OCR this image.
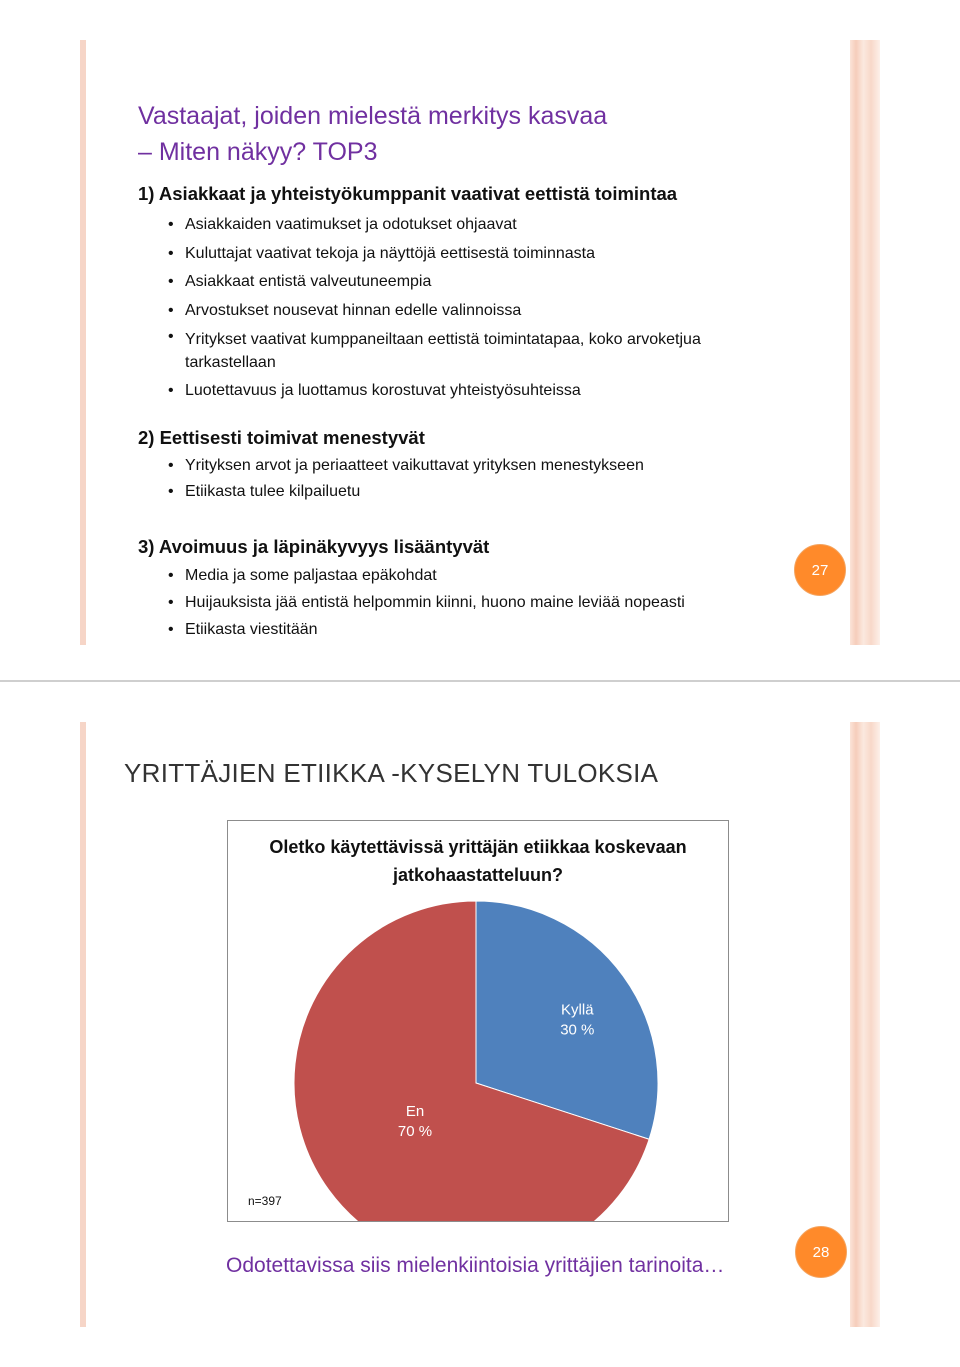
Vastaajat, joiden mielestä merkitys kasvaa
– Miten näkyy? TOP3
1) Asiakkaat ja yhteistyökumppanit vaativat eettistä toimintaa
• Asiakkaiden vaatimukset ja odotukset ohjaavat
• Kuluttajat vaativat tekoja ja näyttöjä eettisestä toiminnasta
• Asiakkaat entistä valveutuneempia
• Arvostukset nousevat hinnan edelle valinnoissa
• Yritykset vaativat kumppaneiltaan eettistä toimintatapaa, koko arvoketjua tarkastellaan
• Luotettavuus ja luottamus korostuvat yhteistyösuhteissa
2) Eettisesti toimivat menestyvät
• Yrityksen arvot ja periaatteet vaikuttavat yrityksen menestykseen
• Etiikasta tulee kilpailuetu
3) Avoimuus ja läpinäkyvyys lisääntyvät
• Media ja some paljastaa epäkohdat
• Huijauksista jää entistä helpommin kiinni, huono maine leviää nopeasti
• Etiikasta viestitään
27
YRITTÄJIEN ETIIKKA -KYSELYN TULOKSIA
Oletko käytettävissä yrittäjän etiikkaa koskevaan jatkohaastatteluun?
Kyllä
30 %
En
70 %
n=397

Odotettavissa siis mielenkiintoisia yrittäjien tarinoita…

28
